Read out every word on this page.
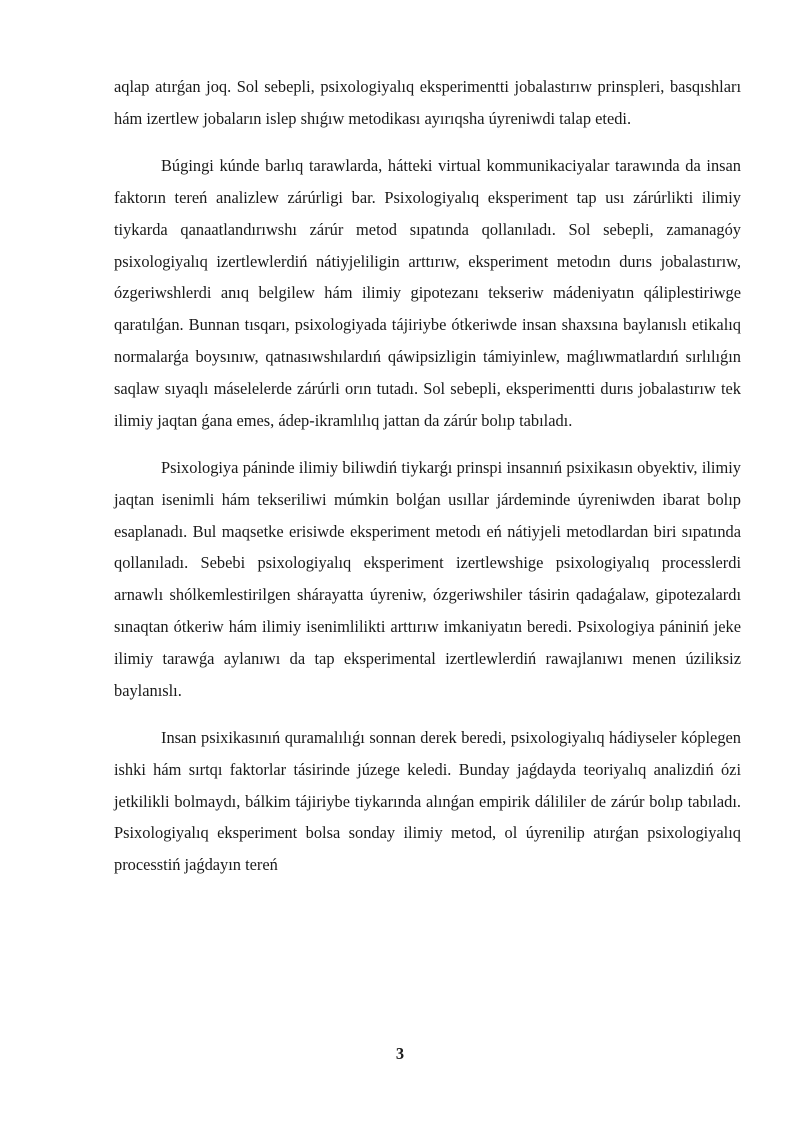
aqlap atırǵan joq. Sol sebepli, psixologiyalıq eksperimentti jobalastırıw prinspleri, basqıshları hám izertlew jobaların islep shıǵıw metodikası ayırıqsha úyreniwdi talap etedi.

Búgingi kúnde barlıq tarawlarda, hátteki virtual kommunikaciyalar tarawında da insan faktorın tereń analizlew zárúrligi bar. Psixologiyalıq eksperiment tap usı zárúrlikti ilimiy tiykarda qanaatlandırıwshı zárúr metod sıpatında qollanıladı. Sol sebepli, zamanagóy psixologiyalıq izertlewlerdiń nátiyjeliligin arttırıw, eksperiment metodın durıs jobalastırıw, ózgeriwshlerdi anıq belgilew hám ilimiy gipotezanı tekseriw mádeniyatın qáliplestiriwge qaratılǵan. Bunnan tısqarı, psixologiyada tájiriybe ótkeriwde insan shaxsına baylanıslı etikalıq normalarǵa boysınıw, qatnasıwshılardıń qáwipsizligin támiyinlew, maǵlıwmatlardıń sırlılıǵın saqlaw sıyaqlı máselelerde zárúrli orın tutadı. Sol sebepli, eksperimentti durıs jobalastırıw tek ilimiy jaqtan ǵana emes, ádep-ikramlılıq jattan da zárúr bolıp tabıladı.

Psixologiya páninde ilimiy biliwdiń tiykarǵı prinspi insannıń psixikasın obyektiv, ilimiy jaqtan isenimli hám tekseriliwi múmkin bolǵan usıllar járdeminde úyreniwden ibarat bolıp esaplanadı. Bul maqsetke erisiwde eksperiment metodı eń nátiyjeli metodlardan biri sıpatında qollanıladı. Sebebi psixologiyalıq eksperiment izertlewshige psixologiyalıq processlerdi arnawlı shólkemlestirilgen shárayatta úyreniw, ózgeriwshiler tásirin qadaǵalaw, gipotezalardı sınaqtan ótkeriw hám ilimiy isenimlilikti arttırıw imkaniyatın beredi. Psixologiya pániniń jeke ilimiy tarawǵa aylanıwı da tap eksperimental izertlewlerdiń rawajlanıwı menen úziliksiz baylanıslı.

Insan psixikasınıń quramalılıǵı sonnan derek beredi, psixologiyalıq hádiyseler kóplegen ishki hám sırtqı faktorlar tásirinde júzege keledi. Bunday jaǵdayda teoriyalıq analizdiń ózi jetkilikli bolmaydı, bálkim tájiriybe tiykarında alınǵan empirik dálililer de zárúr bolıp tabıladı. Psixologiyalıq eksperiment bolsa sonday ilimiy metod, ol úyrenilip atırǵan psixologiyalıq processtiń jaǵdayın tereń

3
